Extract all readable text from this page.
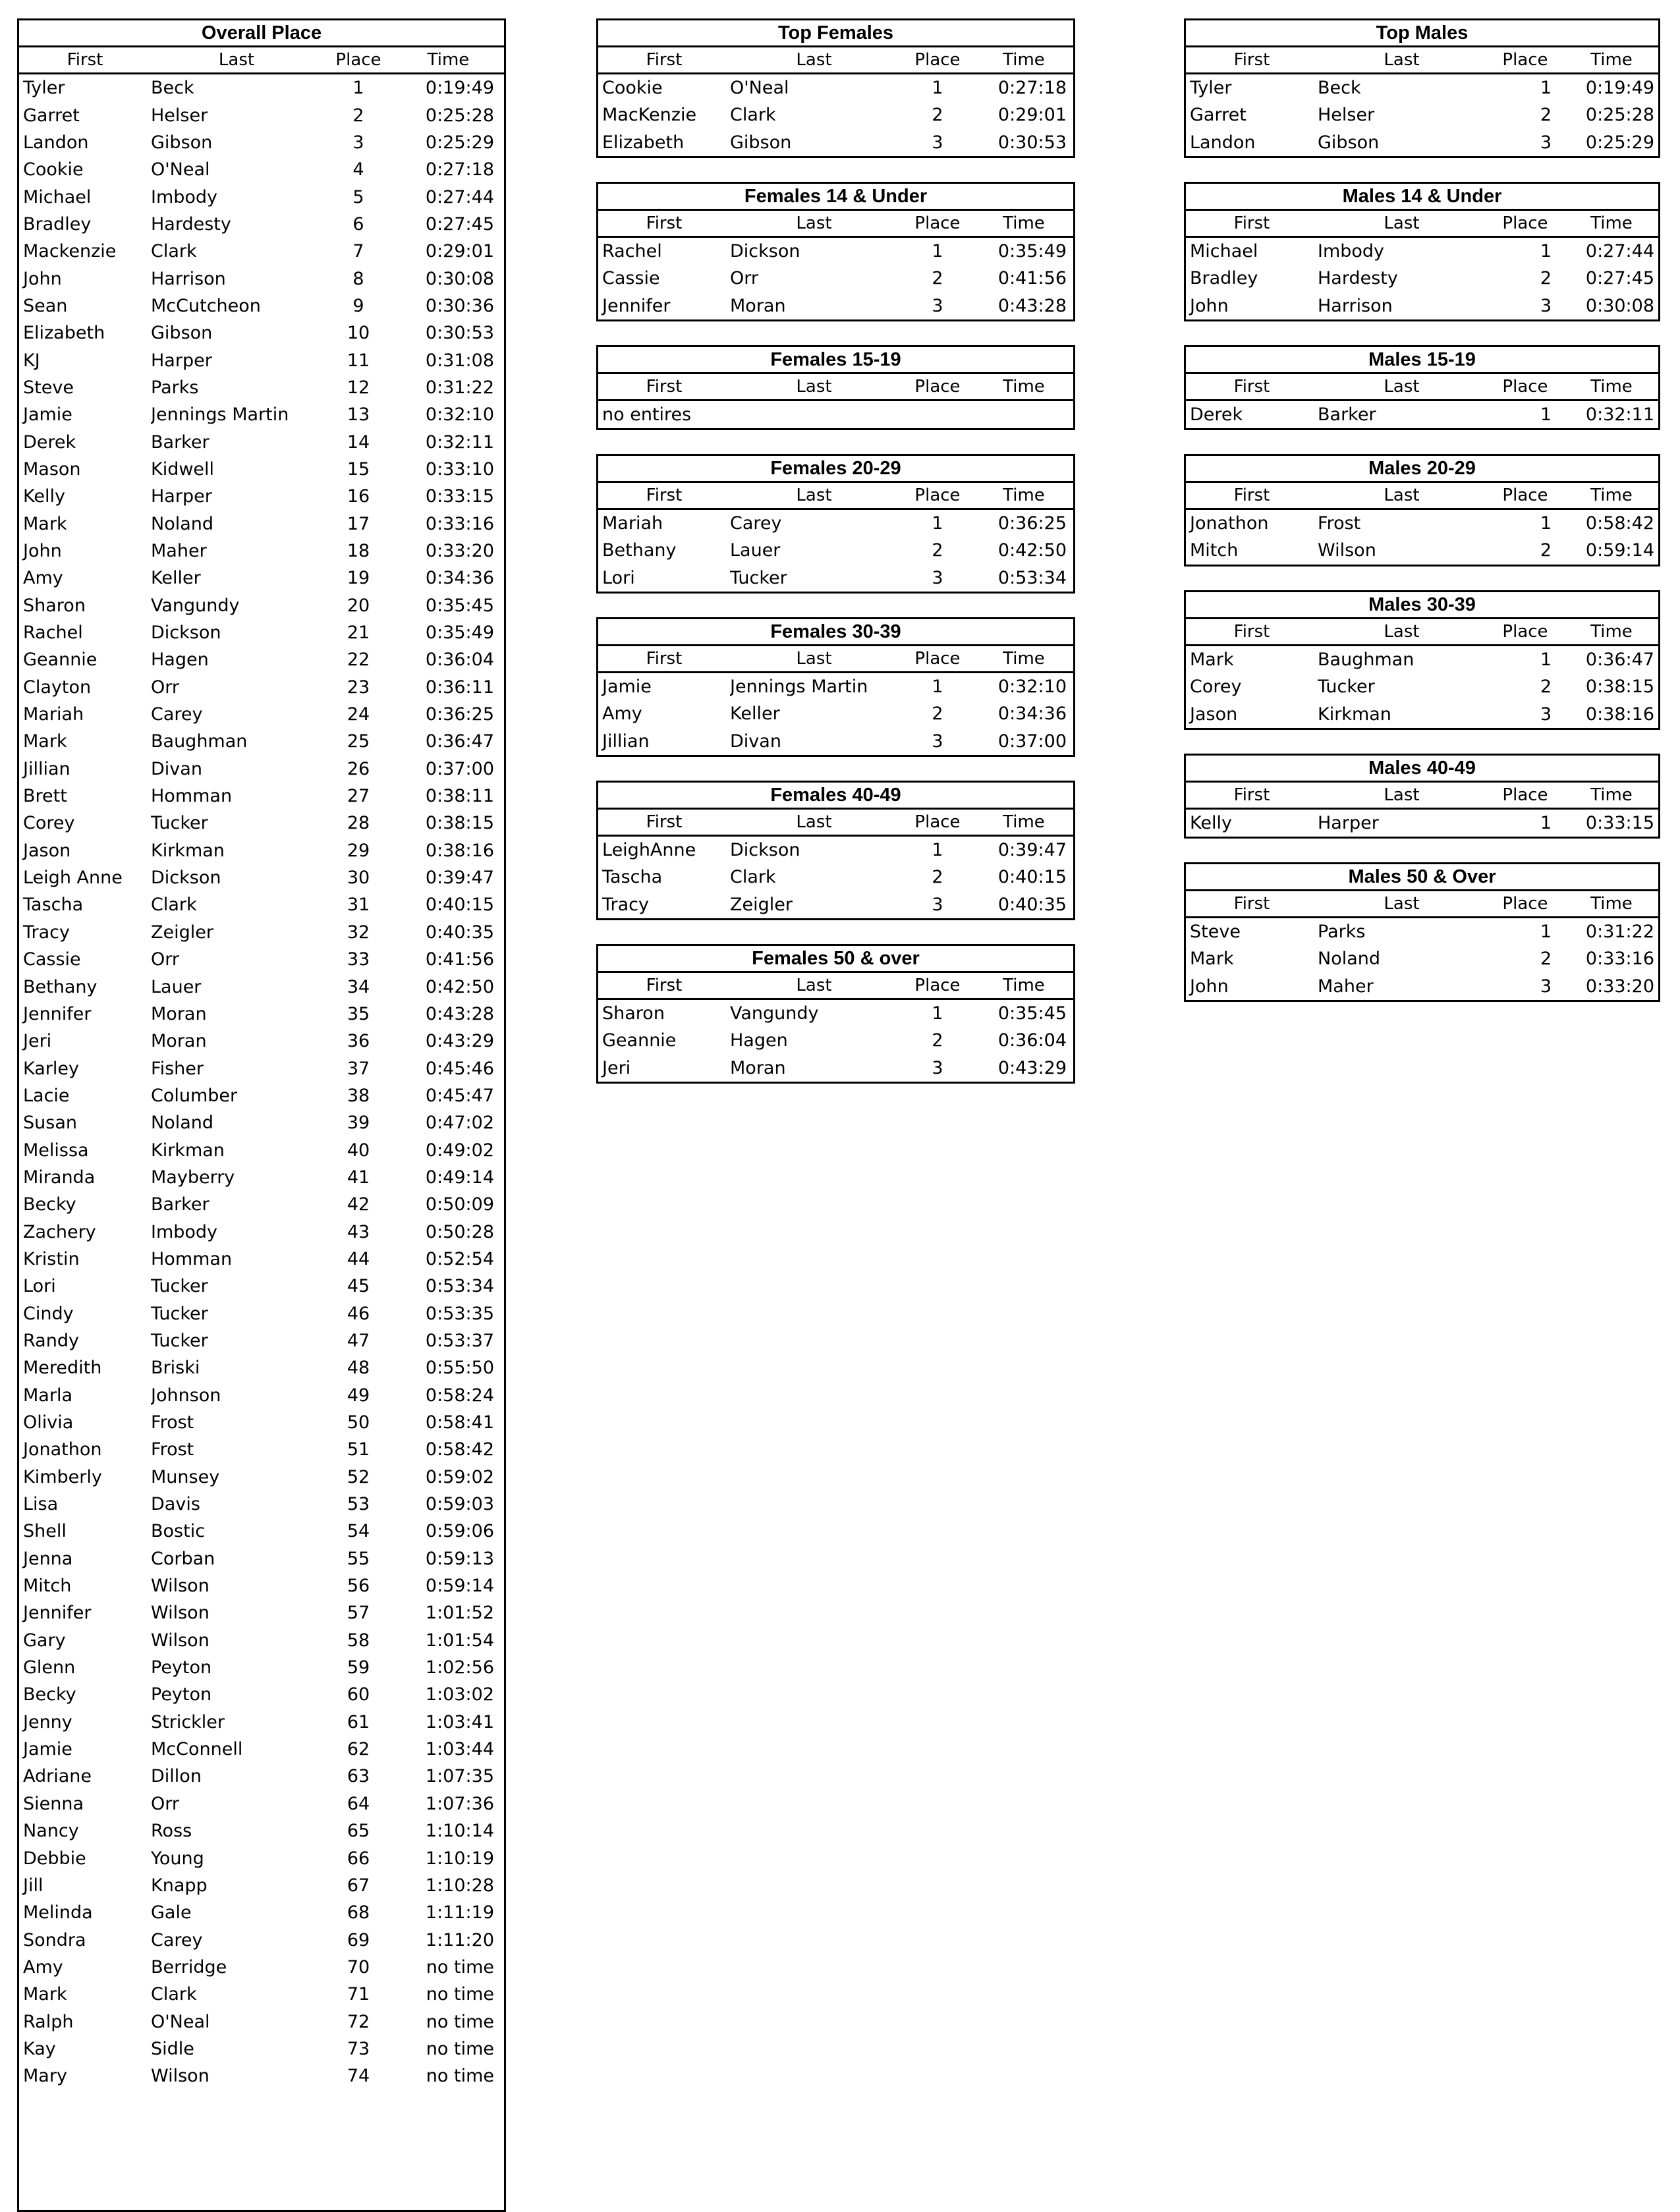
Overall Place
First	Last	Place	Time
Tyler	Beck	1	0:19:49
Garret	Helser	2	0:25:28
Landon	Gibson	3	0:25:29
Cookie	O'Neal	4	0:27:18
Michael	Imbody	5	0:27:44
Bradley	Hardesty	6	0:27:45
Mackenzie	Clark	7	0:29:01
John	Harrison	8	0:30:08
Sean	McCutcheon	9	0:30:36
Elizabeth	Gibson	10	0:30:53
KJ	Harper	11	0:31:08
Steve	Parks	12	0:31:22
Jamie	Jennings Martin	13	0:32:10
Derek	Barker	14	0:32:11
Mason	Kidwell	15	0:33:10
Kelly	Harper	16	0:33:15
Mark	Noland	17	0:33:16
John	Maher	18	0:33:20
Amy	Keller	19	0:34:36
Sharon	Vangundy	20	0:35:45
Rachel	Dickson	21	0:35:49
Geannie	Hagen	22	0:36:04
Clayton	Orr	23	0:36:11
Mariah	Carey	24	0:36:25
Mark	Baughman	25	0:36:47
Jillian	Divan	26	0:37:00
Brett	Homman	27	0:38:11
Corey	Tucker	28	0:38:15
Jason	Kirkman	29	0:38:16
Leigh Anne	Dickson	30	0:39:47
Tascha	Clark	31	0:40:15
Tracy	Zeigler	32	0:40:35
Cassie	Orr	33	0:41:56
Bethany	Lauer	34	0:42:50
Jennifer	Moran	35	0:43:28
Jeri	Moran	36	0:43:29
Karley	Fisher	37	0:45:46
Lacie	Columber	38	0:45:47
Susan	Noland	39	0:47:02
Melissa	Kirkman	40	0:49:02
Miranda	Mayberry	41	0:49:14
Becky	Barker	42	0:50:09
Zachery	Imbody	43	0:50:28
Kristin	Homman	44	0:52:54
Lori	Tucker	45	0:53:34
Cindy	Tucker	46	0:53:35
Randy	Tucker	47	0:53:37
Meredith	Briski	48	0:55:50
Marla	Johnson	49	0:58:24
Olivia	Frost	50	0:58:41
Jonathon	Frost	51	0:58:42
Kimberly	Munsey	52	0:59:02
Lisa	Davis	53	0:59:03
Shell	Bostic	54	0:59:06
Jenna	Corban	55	0:59:13
Mitch	Wilson	56	0:59:14
Jennifer	Wilson	57	1:01:52
Gary	Wilson	58	1:01:54
Glenn	Peyton	59	1:02:56
Becky	Peyton	60	1:03:02
Jenny	Strickler	61	1:03:41
Jamie	McConnell	62	1:03:44
Adriane	Dillon	63	1:07:35
Sienna	Orr	64	1:07:36
Nancy	Ross	65	1:10:14
Debbie	Young	66	1:10:19
Jill	Knapp	67	1:10:28
Melinda	Gale	68	1:11:19
Sondra	Carey	69	1:11:20
Amy	Berridge	70	no time
Mark	Clark	71	no time
Ralph	O'Neal	72	no time
Kay	Sidle	73	no time
Mary	Wilson	74	no time
Top Females
First	Last	Place	Time
Cookie	O'Neal	1	0:27:18
MacKenzie	Clark	2	0:29:01
Elizabeth	Gibson	3	0:30:53
Females 14 & Under
First	Last	Place	Time
Rachel	Dickson	1	0:35:49
Cassie	Orr	2	0:41:56
Jennifer	Moran	3	0:43:28
Females 15-19
First	Last	Place	Time
no entires
Females 20-29
First	Last	Place	Time
Mariah	Carey	1	0:36:25
Bethany	Lauer	2	0:42:50
Lori	Tucker	3	0:53:34
Females 30-39
First	Last	Place	Time
Jamie	Jennings Martin	1	0:32:10
Amy	Keller	2	0:34:36
Jillian	Divan	3	0:37:00
Females 40-49
First	Last	Place	Time
LeighAnne	Dickson	1	0:39:47
Tascha	Clark	2	0:40:15
Tracy	Zeigler	3	0:40:35
Females 50 & over
First	Last	Place	Time
Sharon	Vangundy	1	0:35:45
Geannie	Hagen	2	0:36:04
Jeri	Moran	3	0:43:29
Top Males
First	Last	Place	Time
Tyler	Beck	1	0:19:49
Garret	Helser	2	0:25:28
Landon	Gibson	3	0:25:29
Males 14 & Under
First	Last	Place	Time
Michael	Imbody	1	0:27:44
Bradley	Hardesty	2	0:27:45
John	Harrison	3	0:30:08
Males 15-19
First	Last	Place	Time
Derek	Barker	1	0:32:11
Males 20-29
First	Last	Place	Time
Jonathon	Frost	1	0:58:42
Mitch	Wilson	2	0:59:14
Males 30-39
First	Last	Place	Time
Mark	Baughman	1	0:36:47
Corey	Tucker	2	0:38:15
Jason	Kirkman	3	0:38:16
Males 40-49
First	Last	Place	Time
Kelly	Harper	1	0:33:15
Males 50 & Over
First	Last	Place	Time
Steve	Parks	1	0:31:22
Mark	Noland	2	0:33:16
John	Maher	3	0:33:20
